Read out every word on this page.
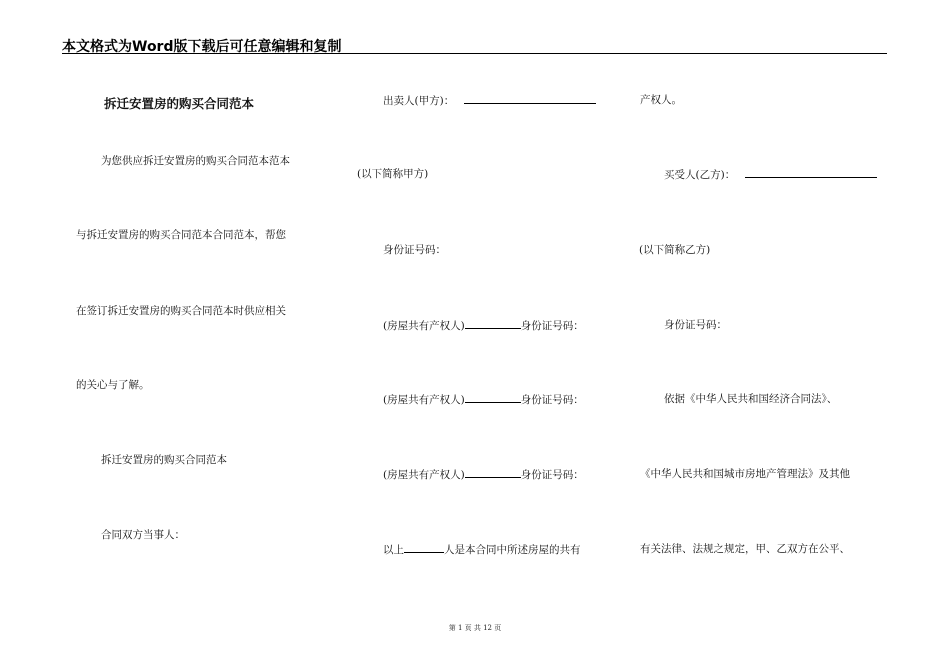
本文格式为Word版下载后可任意编辑和复制
拆迁安置房的购买合同范本
为您供应拆迁安置房的购买合同范本范本
与拆迁安置房的购买合同范本合同范本，帮您
在签订拆迁安置房的购买合同范本时供应相关
的关心与了解。
拆迁安置房的购买合同范本
合同双方当事人：
出卖人(甲方)：
(以下简称甲方)
身份证号码：
(房屋共有产权人)	身份证号码：
(房屋共有产权人)	身份证号码：
(房屋共有产权人)	身份证号码：
以上	人是本合同中所述房屋的共有
产权人。
买受人(乙方)：
(以下简称乙方)
身份证号码：
依据《中华人民共和国经济合同法》、
《中华人民共和国城市房地产管理法》及其他
有关法律、法规之规定，甲、乙双方在公平、
第 1 页 共 12 页
